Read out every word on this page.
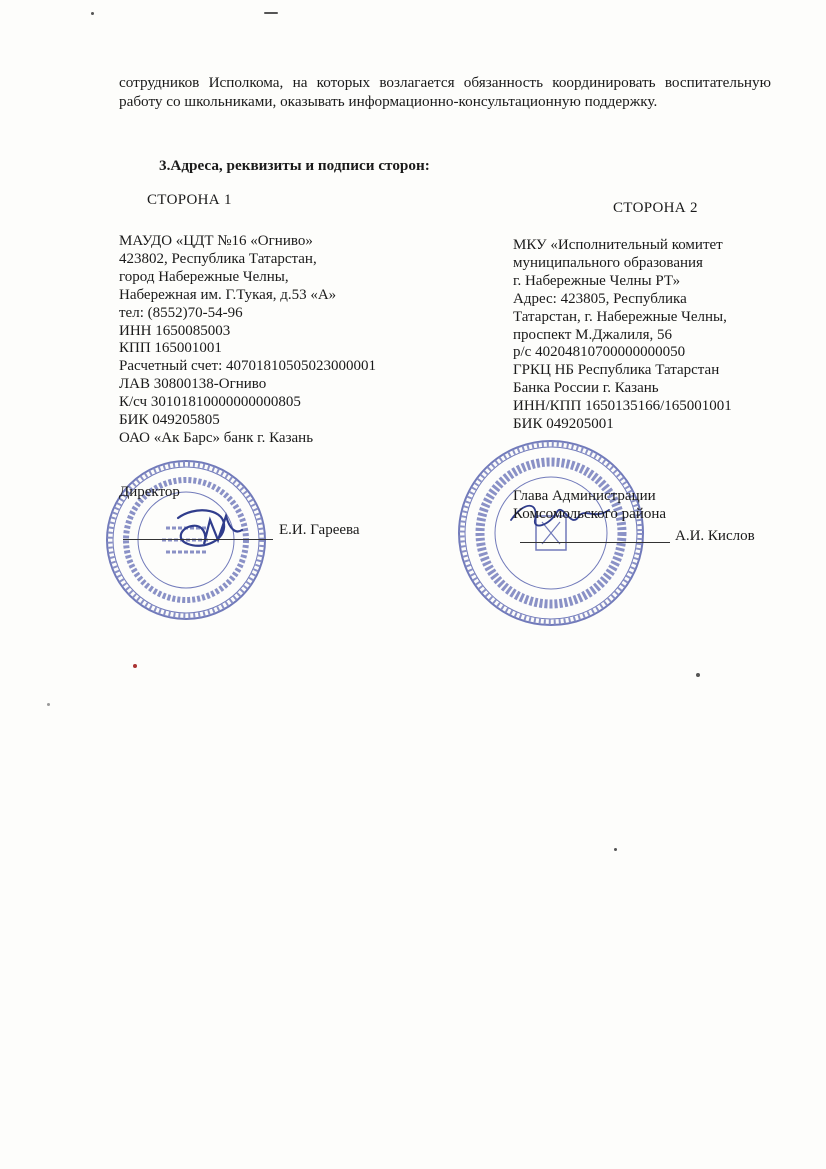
сотрудников Исполкома, на которых возлагается обязанность координировать воспитательную работу со школьниками, оказывать информационно-консультационную поддержку.

3.Адреса, реквизиты и подписи сторон:
СТОРОНА 1
МАУДО «ЦДТ №16 «Огниво»
423802, Республика Татарстан,
город Набережные Челны,
Набережная им. Г.Тукая, д.53 «А»
тел: (8552)70-54-96
ИНН 1650085003
КПП 165001001
Расчетный счет: 40701810505023000001
ЛАВ 30800138-Огниво
К/сч 30101810000000000805
БИК 049205805
ОАО «Ак Барс» банк г. Казань
СТОРОНА 2
МКУ «Исполнительный комитет
муниципального образования
г. Набережные Челны РТ»
Адрес: 423805, Республика
Татарстан, г. Набережные Челны,
проспект М.Джалиля, 56
р/с 40204810700000000050
ГРКЦ НБ Республика Татарстан
Банка России г. Казань
ИНН/КПП 1650135166/165001001
БИК 049205001
Директор
Е.И. Гареева
Глава Администрации
Комсомольского района
А.И. Кислов
